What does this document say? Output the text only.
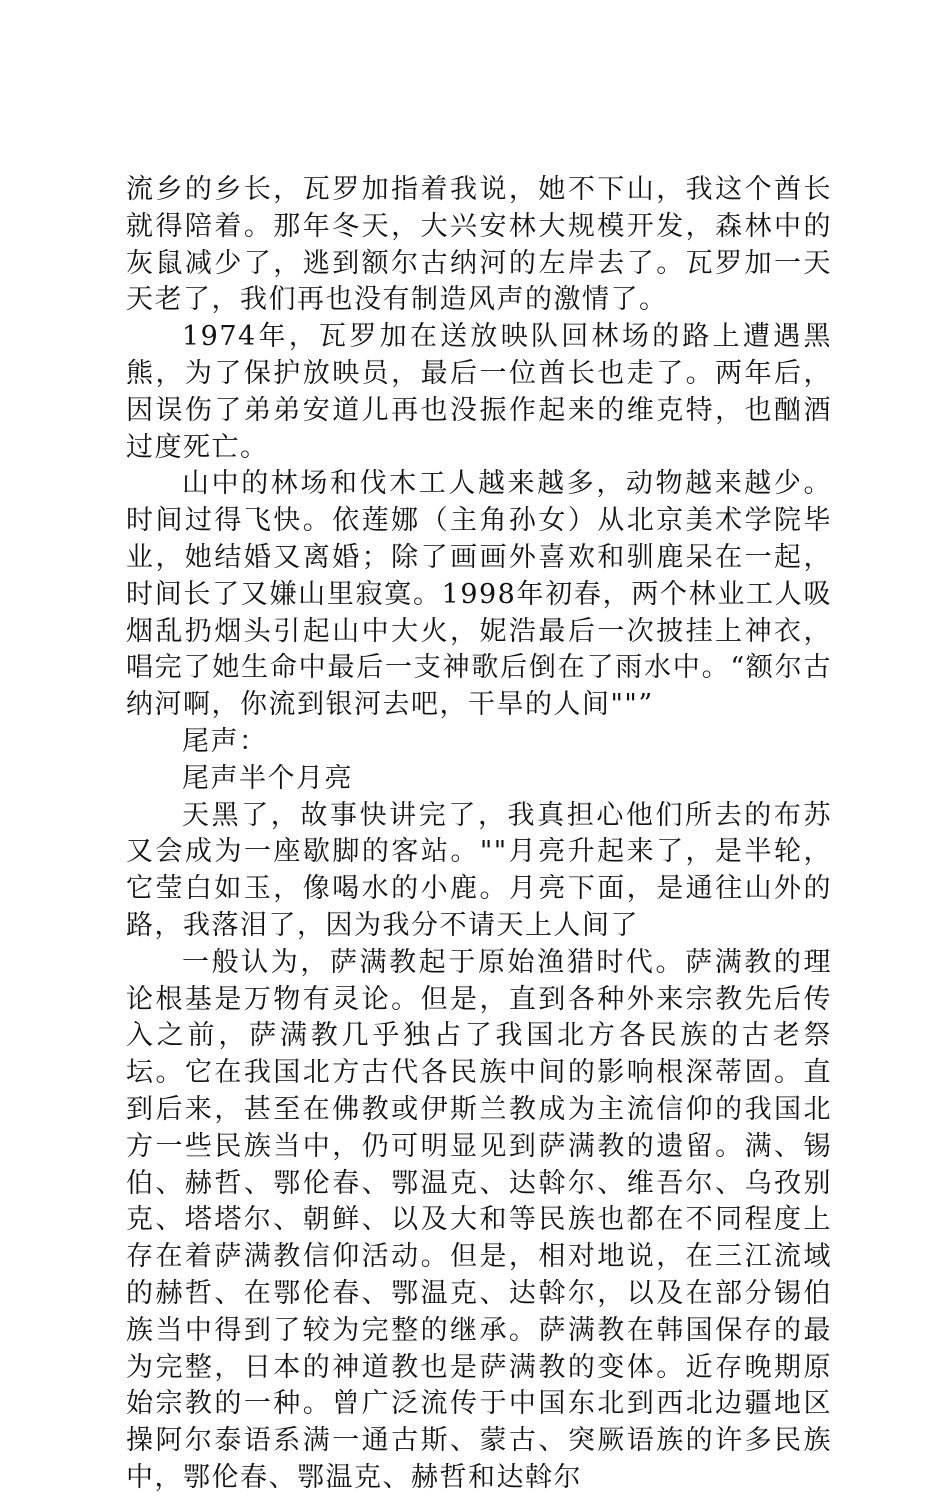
流乡的乡长，瓦罗加指着我说，她不下山，我这个酋长就得陪着。那年冬天，大兴安林大规模开发，森林中的灰鼠减少了，逃到额尔古纳河的左岸去了。瓦罗加一天天老了，我们再也没有制造风声的激情了。

1974年，瓦罗加在送放映队回林场的路上遭遇黑熊，为了保护放映员，最后一位酋长也走了。两年后，因误伤了弟弟安道儿再也没振作起来的维克特，也酗酒过度死亡。

山中的林场和伐木工人越来越多，动物越来越少。时间过得飞快。依莲娜（主角孙女）从北京美术学院毕业，她结婚又离婚；除了画画外喜欢和驯鹿呆在一起，时间长了又嫌山里寂寞。1998年初春，两个林业工人吸烟乱扔烟头引起山中大火，妮浩最后一次披挂上神衣，唱完了她生命中最后一支神歌后倒在了雨水中。“额尔古纳河啊，你流到银河去吧，干旱的人间""”

尾声：

尾声半个月亮

天黑了，故事快讲完了，我真担心他们所去的布苏又会成为一座歇脚的客站。""月亮升起来了，是半轮，它莹白如玉，像喝水的小鹿。月亮下面，是通往山外的路，我落泪了，因为我分不请天上人间了

一般认为，萨满教起于原始渔猎时代。萨满教的理论根基是万物有灵论。但是，直到各种外来宗教先后传入之前，萨满教几乎独占了我国北方各民族的古老祭坛。它在我国北方古代各民族中间的影响根深蒂固。直到后来，甚至在佛教或伊斯兰教成为主流信仰的我国北方一些民族当中，仍可明显见到萨满教的遗留。满、锡伯、赫哲、鄂伦春、鄂温克、达斡尔、维吾尔、乌孜别克、塔塔尔、朝鲜、以及大和等民族也都在不同程度上存在着萨满教信仰活动。但是，相对地说，在三江流域的赫哲、在鄂伦春、鄂温克、达斡尔，以及在部分锡伯族当中得到了较为完整的继承。萨满教在韩国保存的最为完整，日本的神道教也是萨满教的变体。近存晚期原始宗教的一种。曾广泛流传于中国东北到西北边疆地区操阿尔泰语系满一通古斯、蒙古、突厥语族的许多民族中，鄂伦春、鄂温克、赫哲和达斡尔
